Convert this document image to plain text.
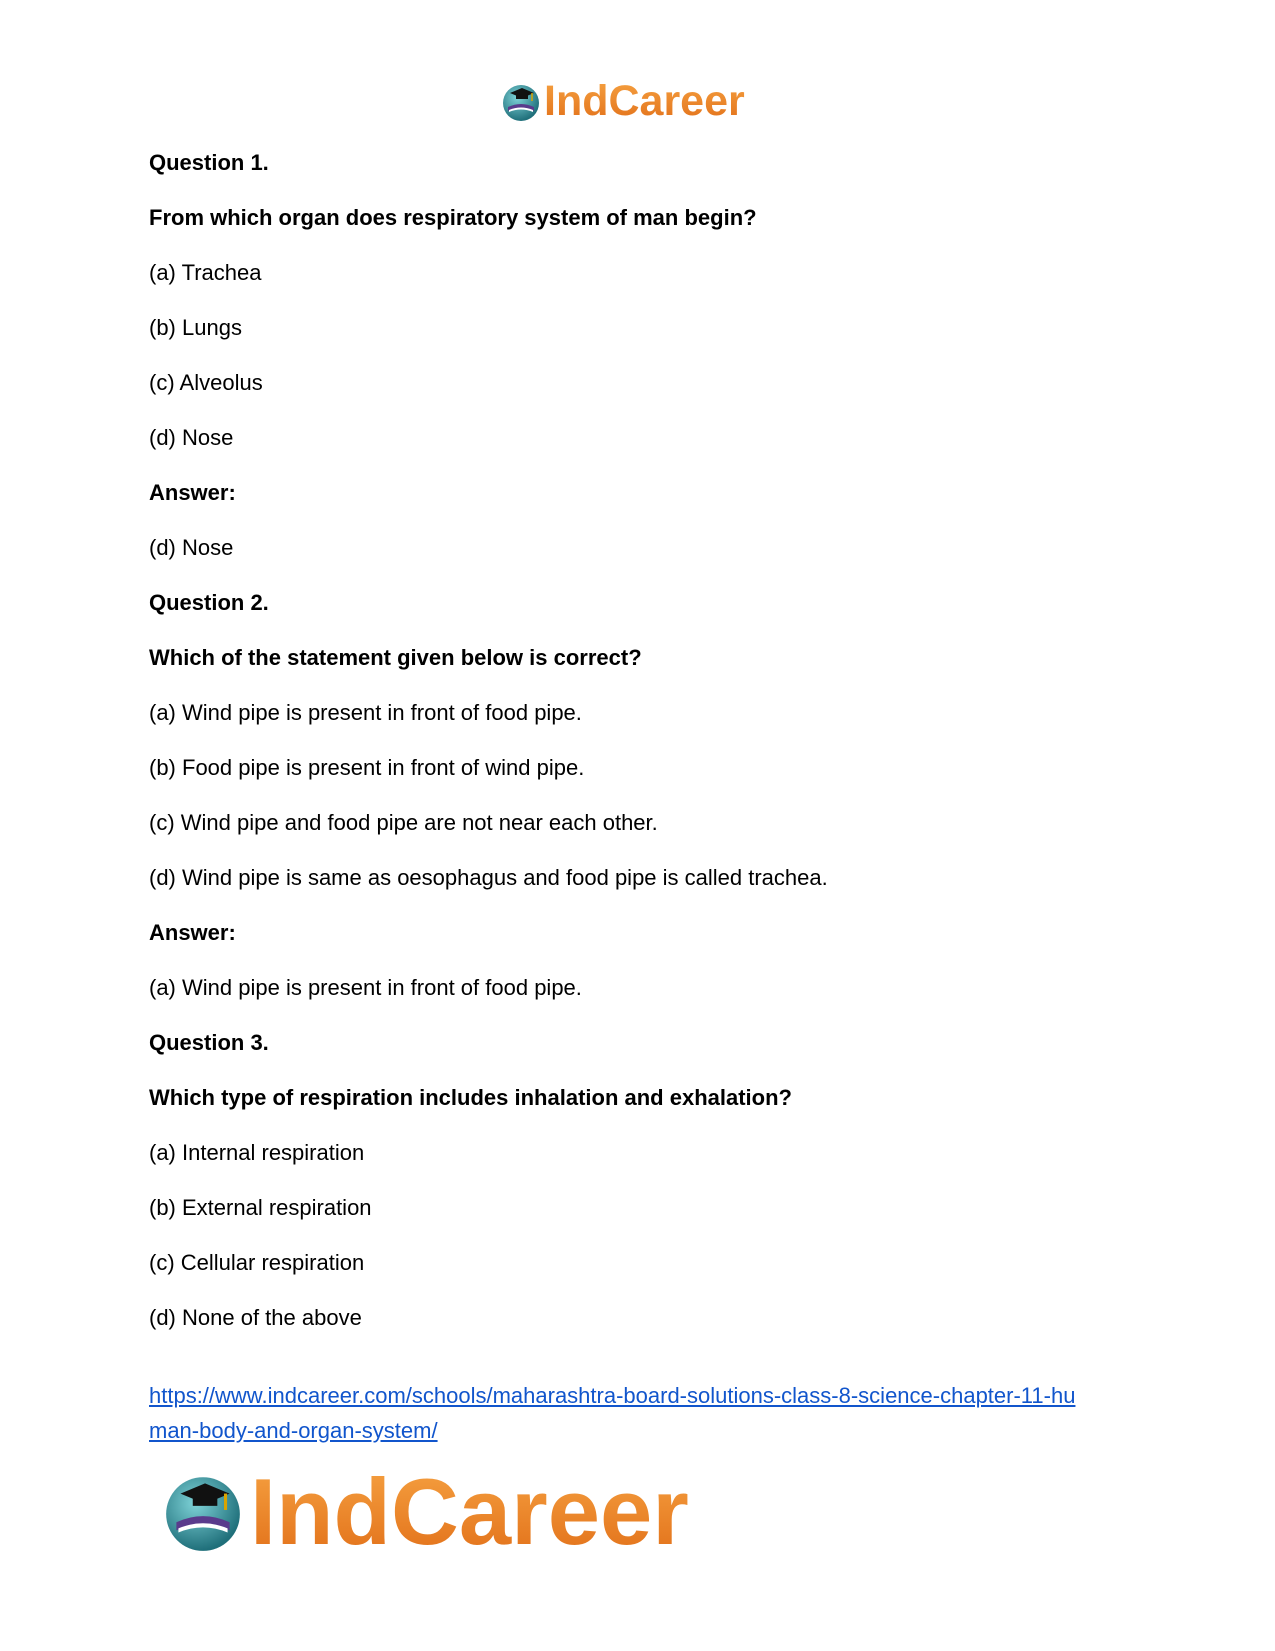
IndCareer
Question 1.
From which organ does respiratory system of man begin?
(a) Trachea
(b) Lungs
(c) Alveolus
(d) Nose
Answer:
(d) Nose
Question 2.
Which of the statement given below is correct?
(a) Wind pipe is present in front of food pipe.
(b) Food pipe is present in front of wind pipe.
(c) Wind pipe and food pipe are not near each other.
(d) Wind pipe is same as oesophagus and food pipe is called trachea.
Answer:
(a) Wind pipe is present in front of food pipe.
Question 3.
Which type of respiration includes inhalation and exhalation?
(a) Internal respiration
(b) External respiration
(c) Cellular respiration
(d) None of the above
https://www.indcareer.com/schools/maharashtra-board-solutions-class-8-science-chapter-11-hu
man-body-and-organ-system/
IndCareer
